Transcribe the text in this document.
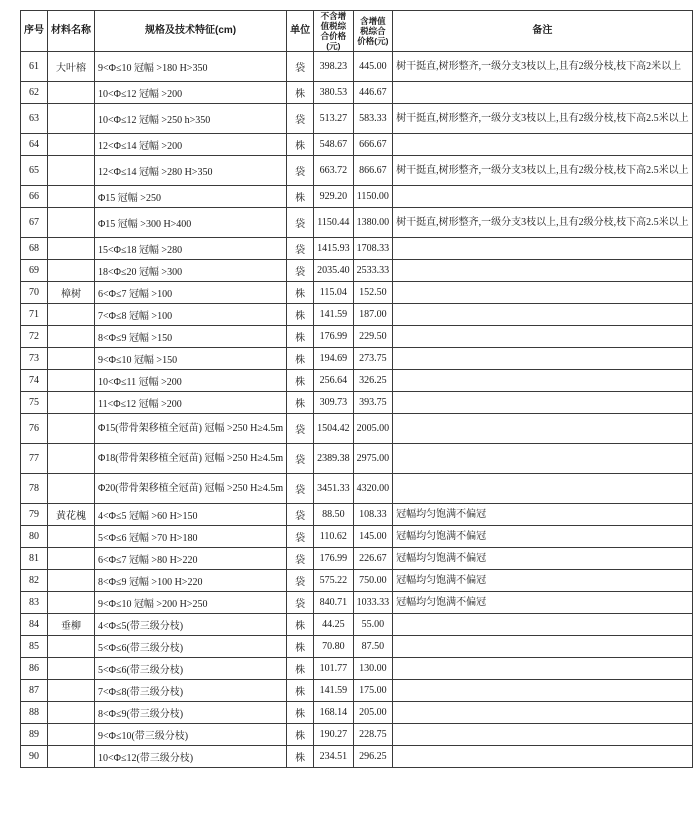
序号	材料名称	规格及技术特征(cm)	单位	不含增值税综合价格(元)	含增值税综合价格(元)	备注
61	大叶榕	9<Φ≤10 冠幅 >180 H>350	袋	398.23	445.00	树干挺直,树形整齐,一级分支3枝以上,且有2级分枝,枝下高2米以上
62		10<Φ≤12 冠幅 >200	株	380.53	446.67	
63		10<Φ≤12 冠幅 >250 h>350	袋	513.27	583.33	树干挺直,树形整齐,一级分支3枝以上,且有2级分枝,枝下高2.5米以上
64		12<Φ≤14 冠幅 >200	株	548.67	666.67	
65		12<Φ≤14 冠幅 >280 H>350	袋	663.72	866.67	树干挺直,树形整齐,一级分支3枝以上,且有2级分枝,枝下高2.5米以上
66		Φ15 冠幅 >250	株	929.20	1150.00	
67		Φ15 冠幅 >300 H>400	袋	1150.44	1380.00	树干挺直,树形整齐,一级分支3枝以上,且有2级分枝,枝下高2.5米以上
68		15<Φ≤18 冠幅 >280	袋	1415.93	1708.33	
69		18<Φ≤20 冠幅 >300	袋	2035.40	2533.33	
70	樟树	6<Φ≤7 冠幅 >100	株	115.04	152.50	
71		7<Φ≤8 冠幅 >100	株	141.59	187.00	
72		8<Φ≤9 冠幅 >150	株	176.99	229.50	
73		9<Φ≤10 冠幅 >150	株	194.69	273.75	
74		10<Φ≤11 冠幅 >200	株	256.64	326.25	
75		11<Φ≤12 冠幅 >200	株	309.73	393.75	
76		Φ15(带骨架移植全冠苗) 冠幅 >250 H≥4.5m	袋	1504.42	2005.00	
77		Φ18(带骨架移植全冠苗) 冠幅 >250 H≥4.5m	袋	2389.38	2975.00	
78		Φ20(带骨架移植全冠苗) 冠幅 >250 H≥4.5m	袋	3451.33	4320.00	
79	黄花槐	4<Φ≤5 冠幅 >60 H>150	袋	88.50	108.33	冠幅均匀饱满不偏冠
80		5<Φ≤6 冠幅 >70 H>180	袋	110.62	145.00	冠幅均匀饱满不偏冠
81		6<Φ≤7 冠幅 >80 H>220	袋	176.99	226.67	冠幅均匀饱满不偏冠
82		8<Φ≤9 冠幅 >100 H>220	袋	575.22	750.00	冠幅均匀饱满不偏冠
83		9<Φ≤10 冠幅 >200 H>250	袋	840.71	1033.33	冠幅均匀饱满不偏冠
84	垂柳	4<Φ≤5(带三级分枝)	株	44.25	55.00	
85		5<Φ≤6(带三级分枝)	株	70.80	87.50	
86		5<Φ≤6(带三级分枝)	株	101.77	130.00	
87		7<Φ≤8(带三级分枝)	株	141.59	175.00	
88		8<Φ≤9(带三级分枝)	株	168.14	205.00	
89		9<Φ≤10(带三级分枝)	株	190.27	228.75	
90		10<Φ≤12(带三级分枝)	株	234.51	296.25	
